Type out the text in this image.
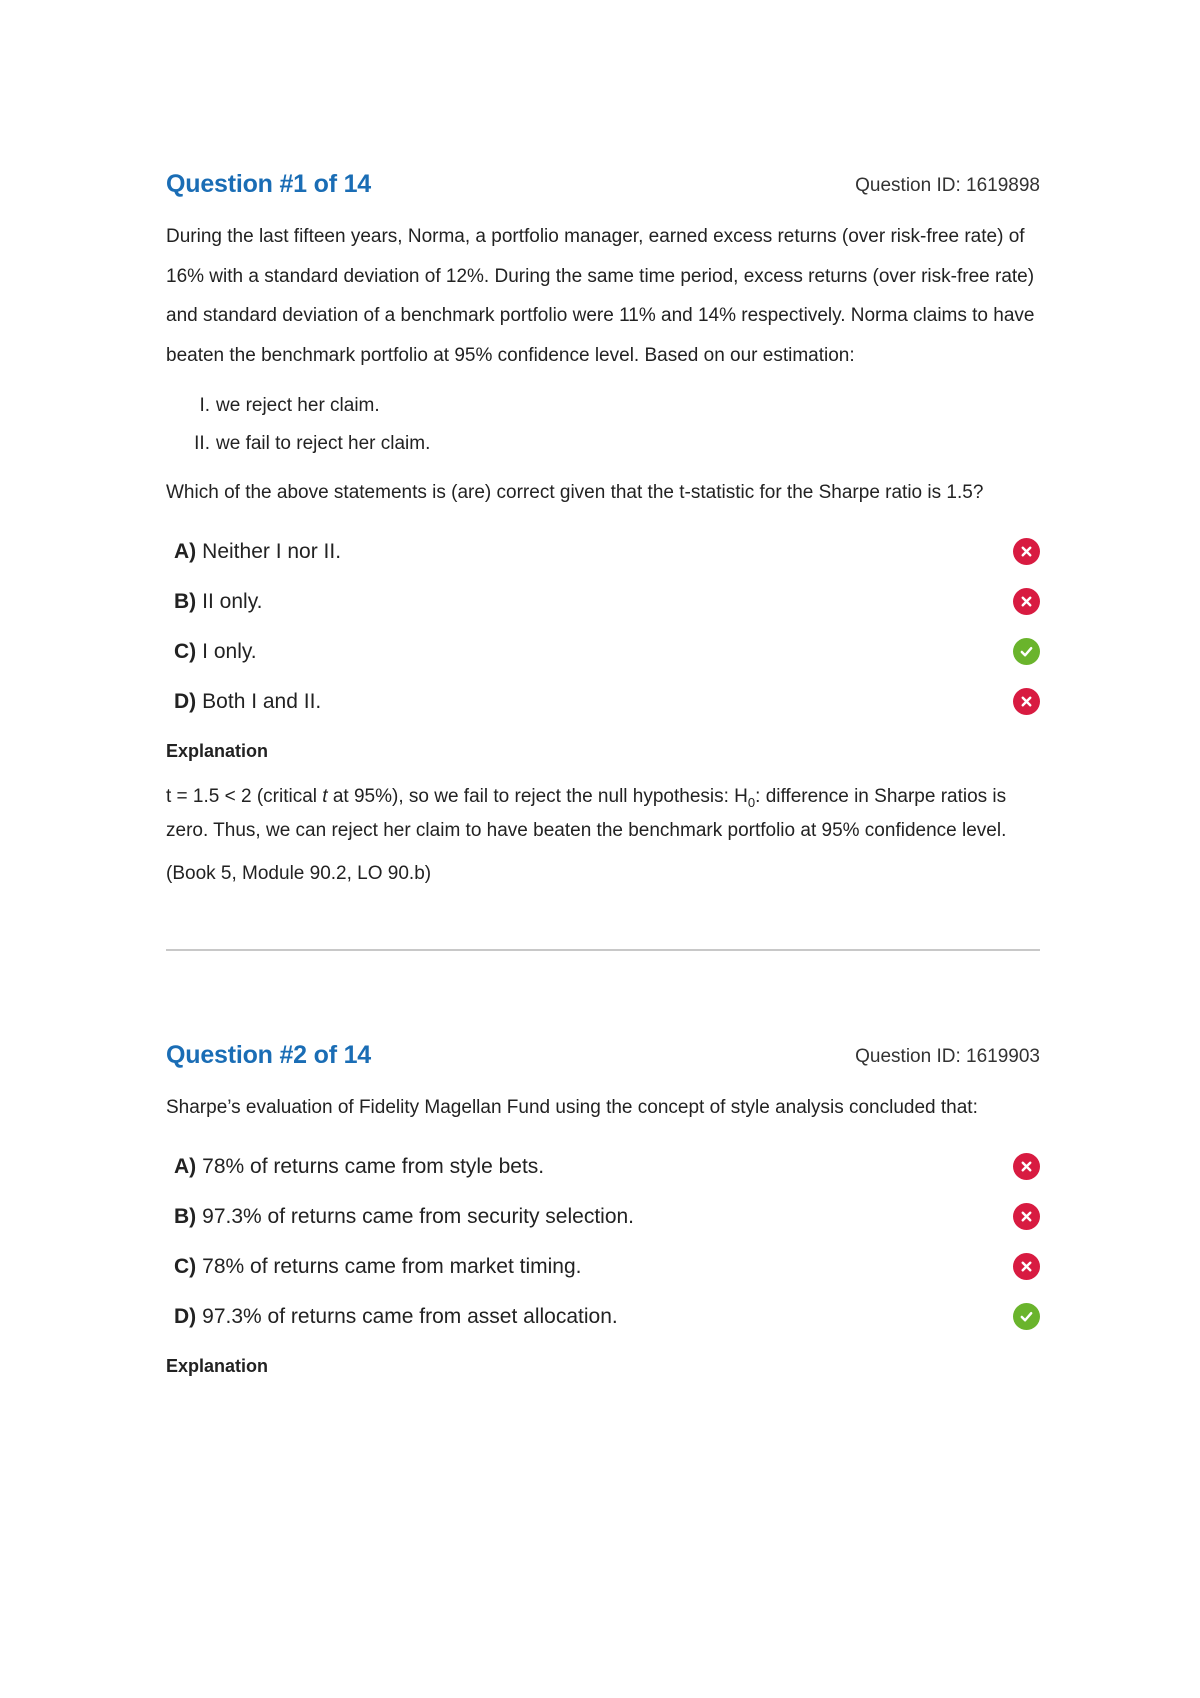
Question #1 of 14	Question ID: 1619898

During the last fifteen years, Norma, a portfolio manager, earned excess returns (over risk-free rate) of 16% with a standard deviation of 12%. During the same time period, excess returns (over risk-free rate) and standard deviation of a benchmark portfolio were 11% and 14% respectively. Norma claims to have beaten the benchmark portfolio at 95% confidence level. Based on our estimation:

I. we reject her claim.
II. we fail to reject her claim.

Which of the above statements is (are) correct given that the t-statistic for the Sharpe ratio is 1.5?

A) Neither I nor II.
B) II only.
C) I only.
D) Both I and II.

Explanation

t = 1.5 < 2 (critical t at 95%), so we fail to reject the null hypothesis: $H_0$: difference in Sharpe ratios is zero. Thus, we can reject her claim to have beaten the benchmark portfolio at 95% confidence level.

(Book 5, Module 90.2, LO 90.b)

Question #2 of 14	Question ID: 1619903

Sharpe’s evaluation of Fidelity Magellan Fund using the concept of style analysis concluded that:

A) 78% of returns came from style bets.
B) 97.3% of returns came from security selection.
C) 78% of returns came from market timing.
D) 97.3% of returns came from asset allocation.

Explanation
